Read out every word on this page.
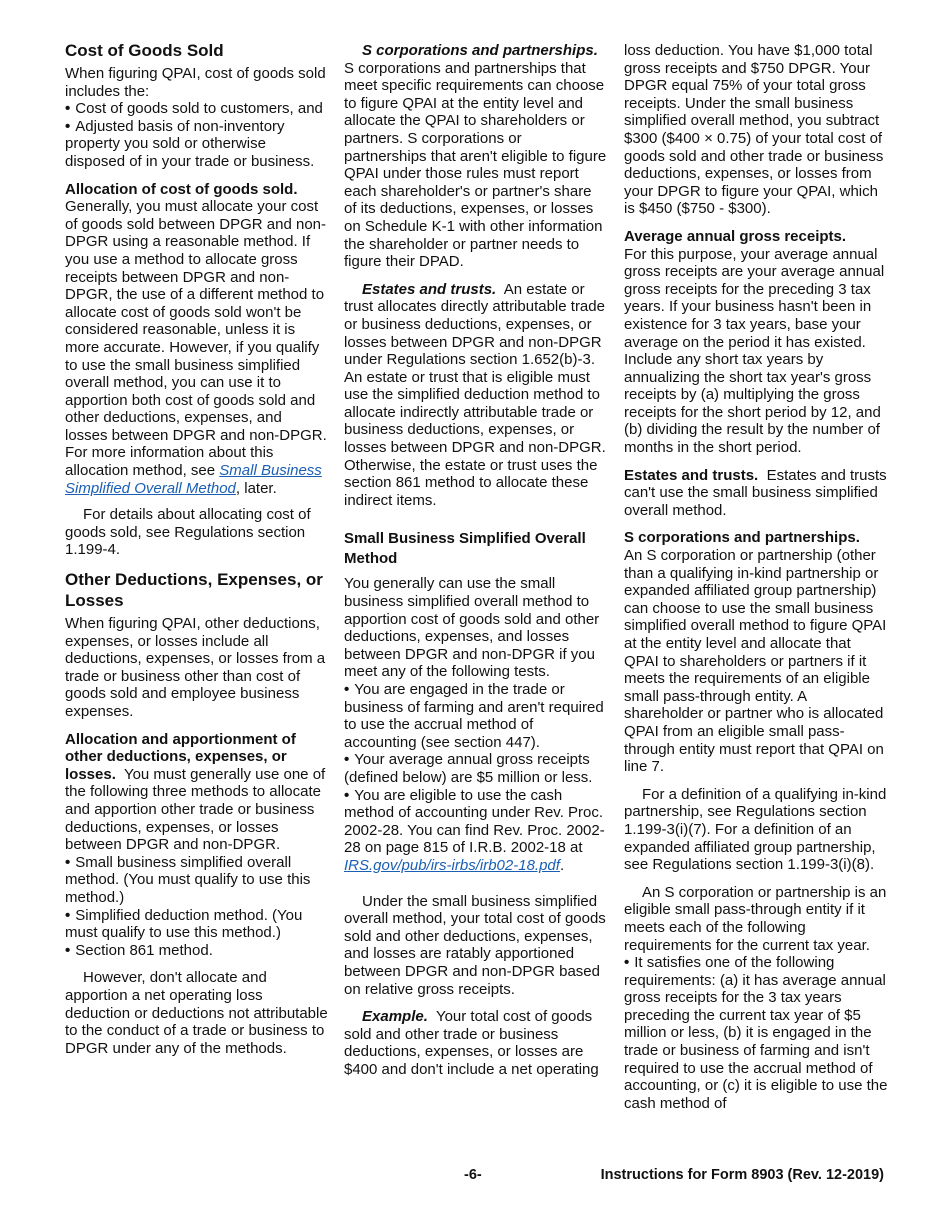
Cost of Goods Sold

When figuring QPAI, cost of goods sold includes the:

• Cost of goods sold to customers, and

• Adjusted basis of non-inventory property you sold or otherwise disposed of in your trade or business.

Allocation of cost of goods sold.
Generally, you must allocate your cost of goods sold between DPGR and non-DPGR using a reasonable method. If you use a method to allocate gross receipts between DPGR and non-DPGR, the use of a different method to allocate cost of goods sold won't be considered reasonable, unless it is more accurate. However, if you qualify to use the small business simplified overall method, you can use it to apportion both cost of goods sold and other deductions, expenses, and losses between DPGR and non-DPGR. For more information about this allocation method, see Small Business Simplified Overall Method, later.

For details about allocating cost of goods sold, see Regulations section 1.199-4.

Other Deductions, Expenses, or Losses

When figuring QPAI, other deductions, expenses, or losses include all deductions, expenses, or losses from a trade or business other than cost of goods sold and employee business expenses.

Allocation and apportionment of other deductions, expenses, or losses. You must generally use one of the following three methods to allocate and apportion other trade or business deductions, expenses, or losses between DPGR and non-DPGR.

• Small business simplified overall method. (You must qualify to use this method.)

• Simplified deduction method. (You must qualify to use this method.)

• Section 861 method.

However, don't allocate and apportion a net operating loss deduction or deductions not attributable to the conduct of a trade or business to DPGR under any of the methods.

S corporations and partnerships.  S corporations and partnerships that meet specific requirements can choose to figure QPAI at the entity level and allocate the QPAI to shareholders or partners. S corporations or partnerships that aren't eligible to figure QPAI under those rules must report each shareholder's or partner's share of its deductions, expenses, or losses on Schedule K-1 with other information the shareholder or partner needs to figure their DPAD.

Estates and trusts. An estate or trust allocates directly attributable trade or business deductions, expenses, or losses between DPGR and non-DPGR under Regulations section 1.652(b)-3. An estate or trust that is eligible must use the simplified deduction method to allocate indirectly attributable trade or business deductions, expenses, or losses between DPGR and non-DPGR. Otherwise, the estate or trust uses the section 861 method to allocate these indirect items.

Small Business Simplified Overall Method

You generally can use the small business simplified overall method to apportion cost of goods sold and other deductions, expenses, and losses between DPGR and non-DPGR if you meet any of the following tests.

• You are engaged in the trade or business of farming and aren't required to use the accrual method of accounting (see section 447).

• Your average annual gross receipts (defined below) are $5 million or less.

• You are eligible to use the cash method of accounting under Rev. Proc. 2002-28. You can find Rev. Proc. 2002-28 on page 815 of I.R.B. 2002-18 at IRS.gov/pub/irs-irbs/irb02-18.pdf.

Under the small business simplified overall method, your total cost of goods sold and other deductions, expenses, and losses are ratably apportioned between DPGR and non-DPGR based on relative gross receipts.

Example. Your total cost of goods sold and other trade or business deductions, expenses, or losses are $400 and don't include a net operating

loss deduction. You have $1,000 total gross receipts and $750 DPGR. Your DPGR equal 75% of your total gross receipts. Under the small business simplified overall method, you subtract $300 ($400 × 0.75) of your total cost of goods sold and other trade or business deductions, expenses, or losses from your DPGR to figure your QPAI, which is $450 ($750 - $300).

Average annual gross receipts.
For this purpose, your average annual gross receipts are your average annual gross receipts for the preceding 3 tax years. If your business hasn't been in existence for 3 tax years, base your average on the period it has existed. Include any short tax years by annualizing the short tax year's gross receipts by (a) multiplying the gross receipts for the short period by 12, and (b) dividing the result by the number of months in the short period.

Estates and trusts. Estates and trusts can't use the small business simplified overall method.

S corporations and partnerships.
An S corporation or partnership (other than a qualifying in-kind partnership or expanded affiliated group partnership) can choose to use the small business simplified overall method to figure QPAI at the entity level and allocate that QPAI to shareholders or partners if it meets the requirements of an eligible small pass-through entity. A shareholder or partner who is allocated QPAI from an eligible small pass-through entity must report that QPAI on line 7.

For a definition of a qualifying in-kind partnership, see Regulations section 1.199-3(i)(7). For a definition of an expanded affiliated group partnership, see Regulations section 1.199-3(i)(8).

An S corporation or partnership is an eligible small pass-through entity if it meets each of the following requirements for the current tax year.

• It satisfies one of the following requirements: (a) it has average annual gross receipts for the 3 tax years preceding the current tax year of $5 million or less, (b) it is engaged in the trade or business of farming and isn't required to use the accrual method of accounting, or (c) it is eligible to use the cash method of

-6-	Instructions for Form 8903 (Rev. 12-2019)
